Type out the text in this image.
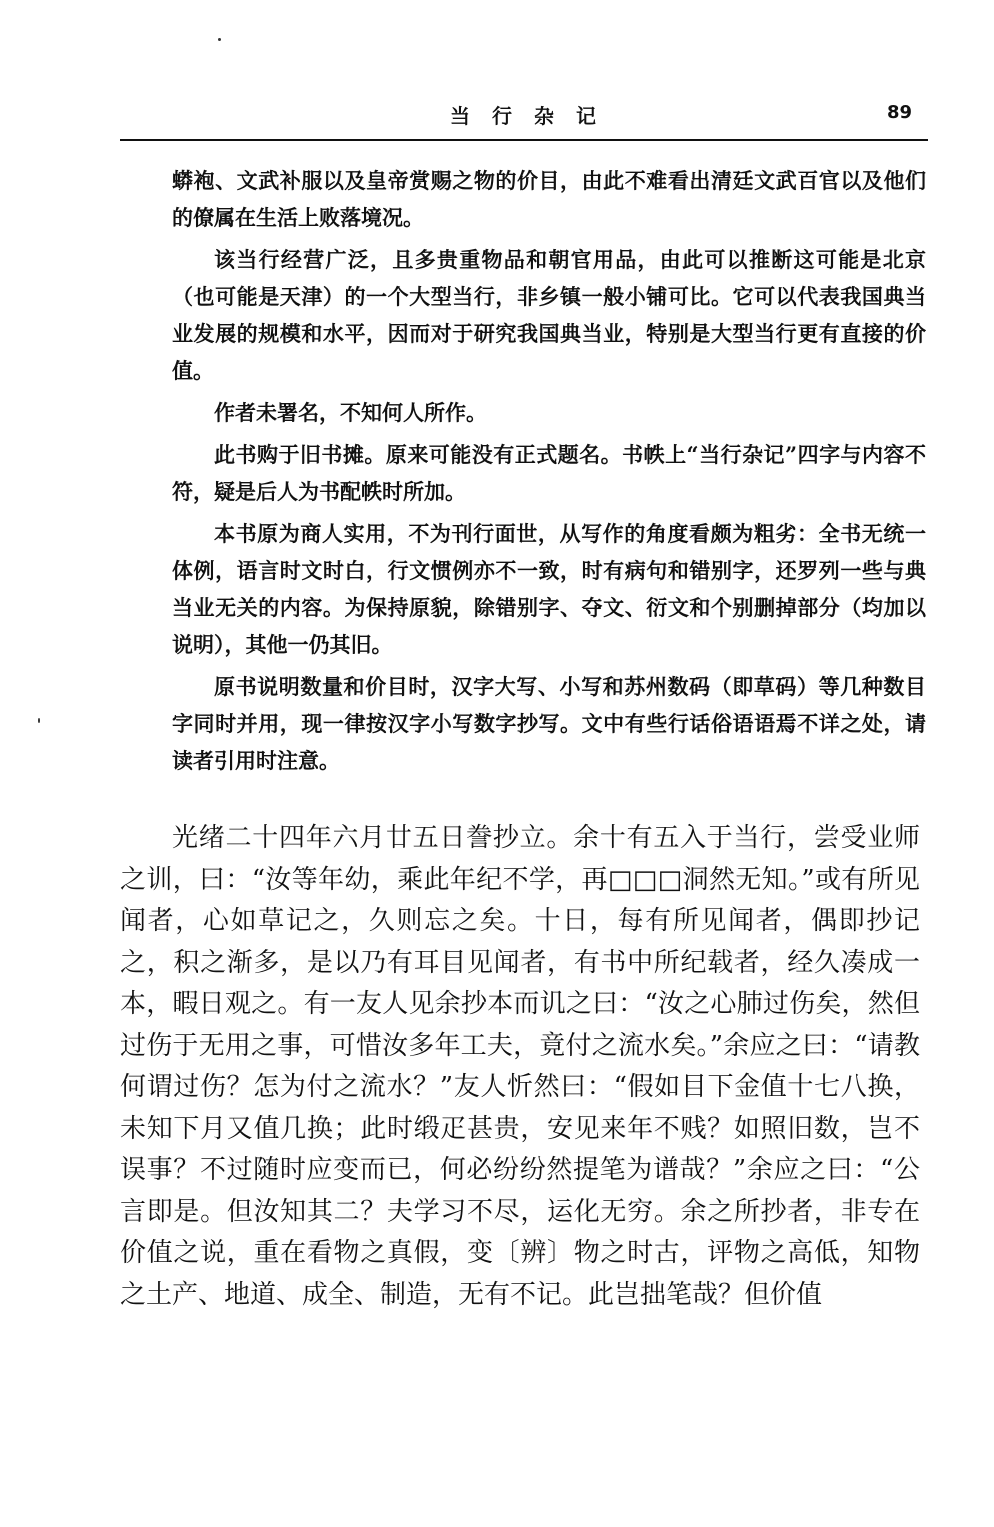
当行杂记	89

蟒袍、文武补服以及皇帝赏赐之物的价目，由此不难看出清廷文武百官以及他们的僚属在生活上败落境况。

该当行经营广泛，且多贵重物品和朝官用品，由此可以推断这可能是北京（也可能是天津）的一个大型当行，非乡镇一般小铺可比。它可以代表我国典当业发展的规模和水平，因而对于研究我国典当业，特别是大型当行更有直接的价值。

作者未署名，不知何人所作。

此书购于旧书摊。原来可能没有正式题名。书帙上“当行杂记”四字与内容不符，疑是后人为书配帙时所加。

本书原为商人实用，不为刊行面世，从写作的角度看颇为粗劣：全书无统一体例，语言时文时白，行文惯例亦不一致，时有病句和错别字，还罗列一些与典当业无关的内容。为保持原貌，除错别字、夺文、衍文和个别删掉部分（均加以说明），其他一仍其旧。

原书说明数量和价目时，汉字大写、小写和苏州数码（即草码）等几种数目字同时并用，现一律按汉字小写数字抄写。文中有些行话俗语语焉不详之处，请读者引用时注意。

光绪二十四年六月廿五日誊抄立。余十有五入于当行，尝受业师之训，曰：“汝等年幼，乘此年纪不学，再□□□洞然无知。”或有所见闻者，心如草记之，久则忘之矣。十日，每有所见闻者，偶即抄记之，积之渐多，是以乃有耳目见闻者，有书中所纪载者，经久凑成一本，暇日观之。有一友人见余抄本而讥之曰：“汝之心肺过伤矣，然但过伤于无用之事，可惜汝多年工夫，竟付之流水矣。”余应之曰：“请教何谓过伤？怎为付之流水？”友人忻然曰：“假如目下金值十七八换，未知下月又值几换；此时缎疋甚贵，安见来年不贱？如照旧数，岂不误事？不过随时应变而已，何必纷纷然提笔为谱哉？”余应之曰：“公言即是。但汝知其二？夫学习不尽，运化无穷。余之所抄者，非专在价值之说，重在看物之真假，变〔辨〕物之时古，评物之高低，知物之土产、地道、成全、制造，无有不记。此岂拙笔哉？但价值
